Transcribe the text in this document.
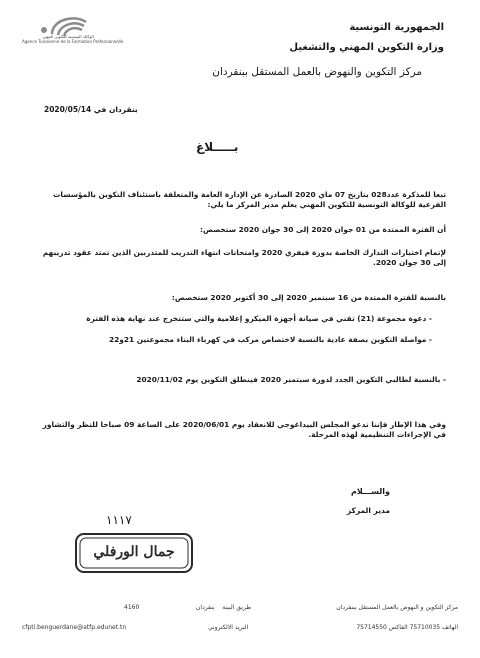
الوكالة التونسية للتكوين المهني
Agence Tunisienne de la Formation Professionnelle
الجمهورية التونسية
وزارة التكوين المهني والتشغيل
مركز التكوين والنهوض بالعمل المستقل ببنقردان
بنقردان في 2020/05/14
بـــــلاغ
تبعا للمذكرة عدد028 بتاريخ 07 ماي 2020 الصادرة عن الإدارة العامة والمتعلقة باستئناف التكوين بالمؤسسات الفرعية للوكالة التونسية للتكوين المهني يعلم مدير المركز ما يلي:
أن الفترة الممتدة من 01 جوان 2020 إلى 30 جوان 2020 ستخصص:
لإتمام اختبارات التدارك الخاصة بدورة فيفري 2020 وامتحانات انتهاء التدريب للمتدربين الذين تمتد عقود تدريبهم إلى 30 جوان 2020.
بالنسبة للفترة الممتدة من 16 سبتمبر 2020 إلى 30 أكتوبر 2020 ستخصص:
- دعوة مجموعة (21) تقني في صيانة أجهزة الميكرو إعلامية والتي ستتخرج عند نهاية هذه الفترة
- مواصلة التكوين بصفة عادية بالنسبة لاختصاص مركب في كهرباء البناء مجموعتين 21و22
- بالنسبة لطالبي التكوين الجدد لدورة سبتمبر 2020 فينطلق التكوين يوم 2020/11/02
وفي هذا الإطار فإننا ندعو المجلس البيداغوجي للانعقاد يوم 2020/06/01 على الساعة 09 صباحا للنظر والتشاور في الإجراءات التنظيمية لهذه المرحلة.
والســـلام
مدير المركز
١١١٧
جمال الورفلي
مركز التكوين و النهوض بالعمل المستقل ببنقردان
الهاتف 75710035 الفاكس 75714550
طريق البينة    بنقردان
4160
البريد الالكتروني
cfpti.benguerdane@atfp.edunet.tn
